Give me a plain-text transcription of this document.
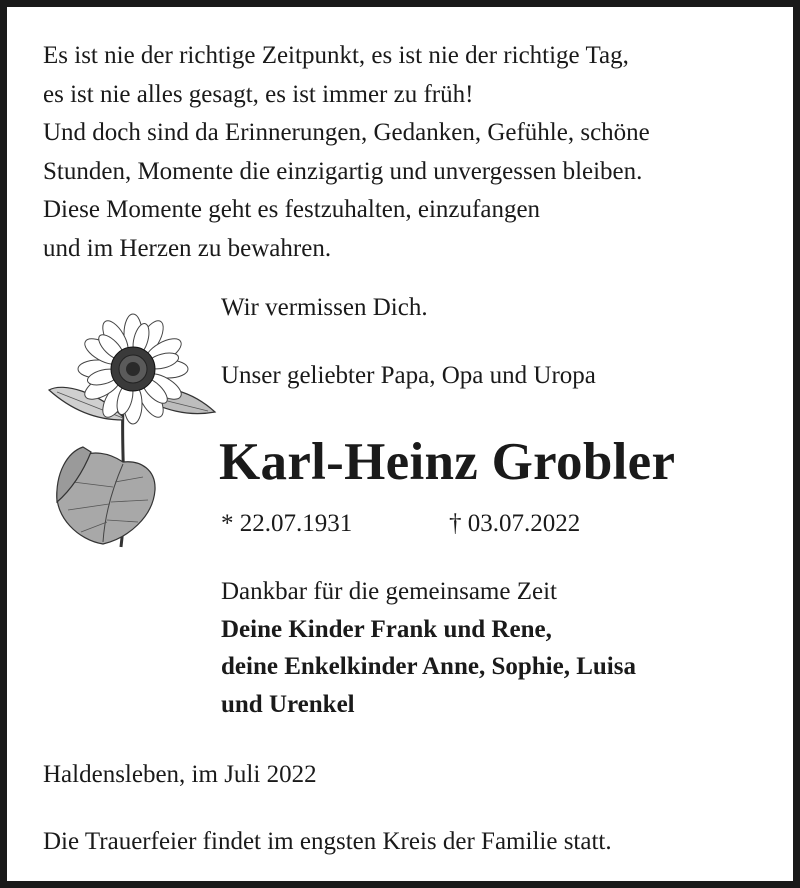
Es ist nie der richtige Zeitpunkt, es ist nie der richtige Tag,
es ist nie alles gesagt, es ist immer zu früh!
Und doch sind da Erinnerungen, Gedanken, Gefühle, schöne
Stunden, Momente die einzigartig und unvergessen bleiben.
Diese Momente geht es festzuhalten, einzufangen
und im Herzen zu bewahren.
Wir vermissen Dich.
Unser geliebter Papa, Opa und Uropa
Karl-Heinz Grobler
* 22.07.1931	† 03.07.2022
Dankbar für die gemeinsame Zeit
Deine Kinder Frank und Rene,
deine Enkelkinder Anne, Sophie, Luisa
und Urenkel
Haldensleben, im Juli 2022
Die Trauerfeier findet im engsten Kreis der Familie statt.
